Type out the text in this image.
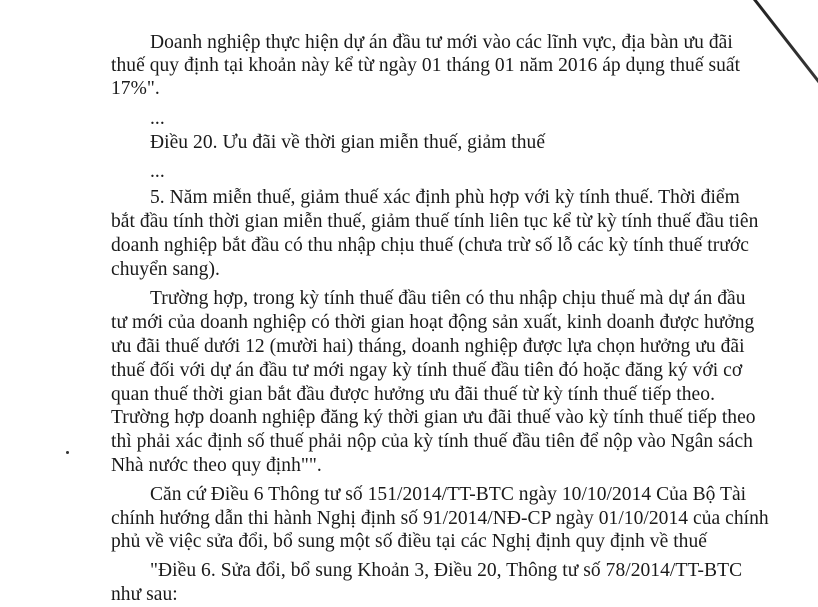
Doanh nghiệp thực hiện dự án đầu tư mới vào các lĩnh vực, địa bàn ưu đãi
thuế quy định tại khoản này kể từ ngày 01 tháng 01 năm 2016 áp dụng thuế suất
17%".
...
Điều 20. Ưu đãi về thời gian miễn thuế, giảm thuế
...
5. Năm miễn thuế, giảm thuế xác định phù hợp với kỳ tính thuế. Thời điểm
bắt đầu tính thời gian miễn thuế, giảm thuế tính liên tục kể từ kỳ tính thuế đầu tiên
doanh nghiệp bắt đầu có thu nhập chịu thuế (chưa trừ số lỗ các kỳ tính thuế trước
chuyển sang).
Trường hợp, trong kỳ tính thuế đầu tiên có thu nhập chịu thuế mà dự án đầu
tư mới của doanh nghiệp có thời gian hoạt động sản xuất, kinh doanh được hưởng
ưu đãi thuế dưới 12 (mười hai) tháng, doanh nghiệp được lựa chọn hưởng ưu đãi
thuế đối với dự án đầu tư mới ngay kỳ tính thuế đầu tiên đó hoặc đăng ký với cơ
quan thuế thời gian bắt đầu được hưởng ưu đãi thuế từ kỳ tính thuế tiếp theo.
Trường hợp doanh nghiệp đăng ký thời gian ưu đãi thuế vào kỳ tính thuế tiếp theo
thì phải xác định số thuế phải nộp của kỳ tính thuế đầu tiên để nộp vào Ngân sách
Nhà nước theo quy định"".
Căn cứ Điều 6 Thông tư số 151/2014/TT-BTC ngày 10/10/2014 Của Bộ Tài
chính hướng dẫn thi hành Nghị định số 91/2014/NĐ-CP ngày 01/10/2014 của chính
phủ về việc sửa đổi, bổ sung một số điều tại các Nghị định quy định về thuế
"Điều 6. Sửa đổi, bổ sung Khoản 3, Điều 20, Thông tư số 78/2014/TT-BTC
như sau:
